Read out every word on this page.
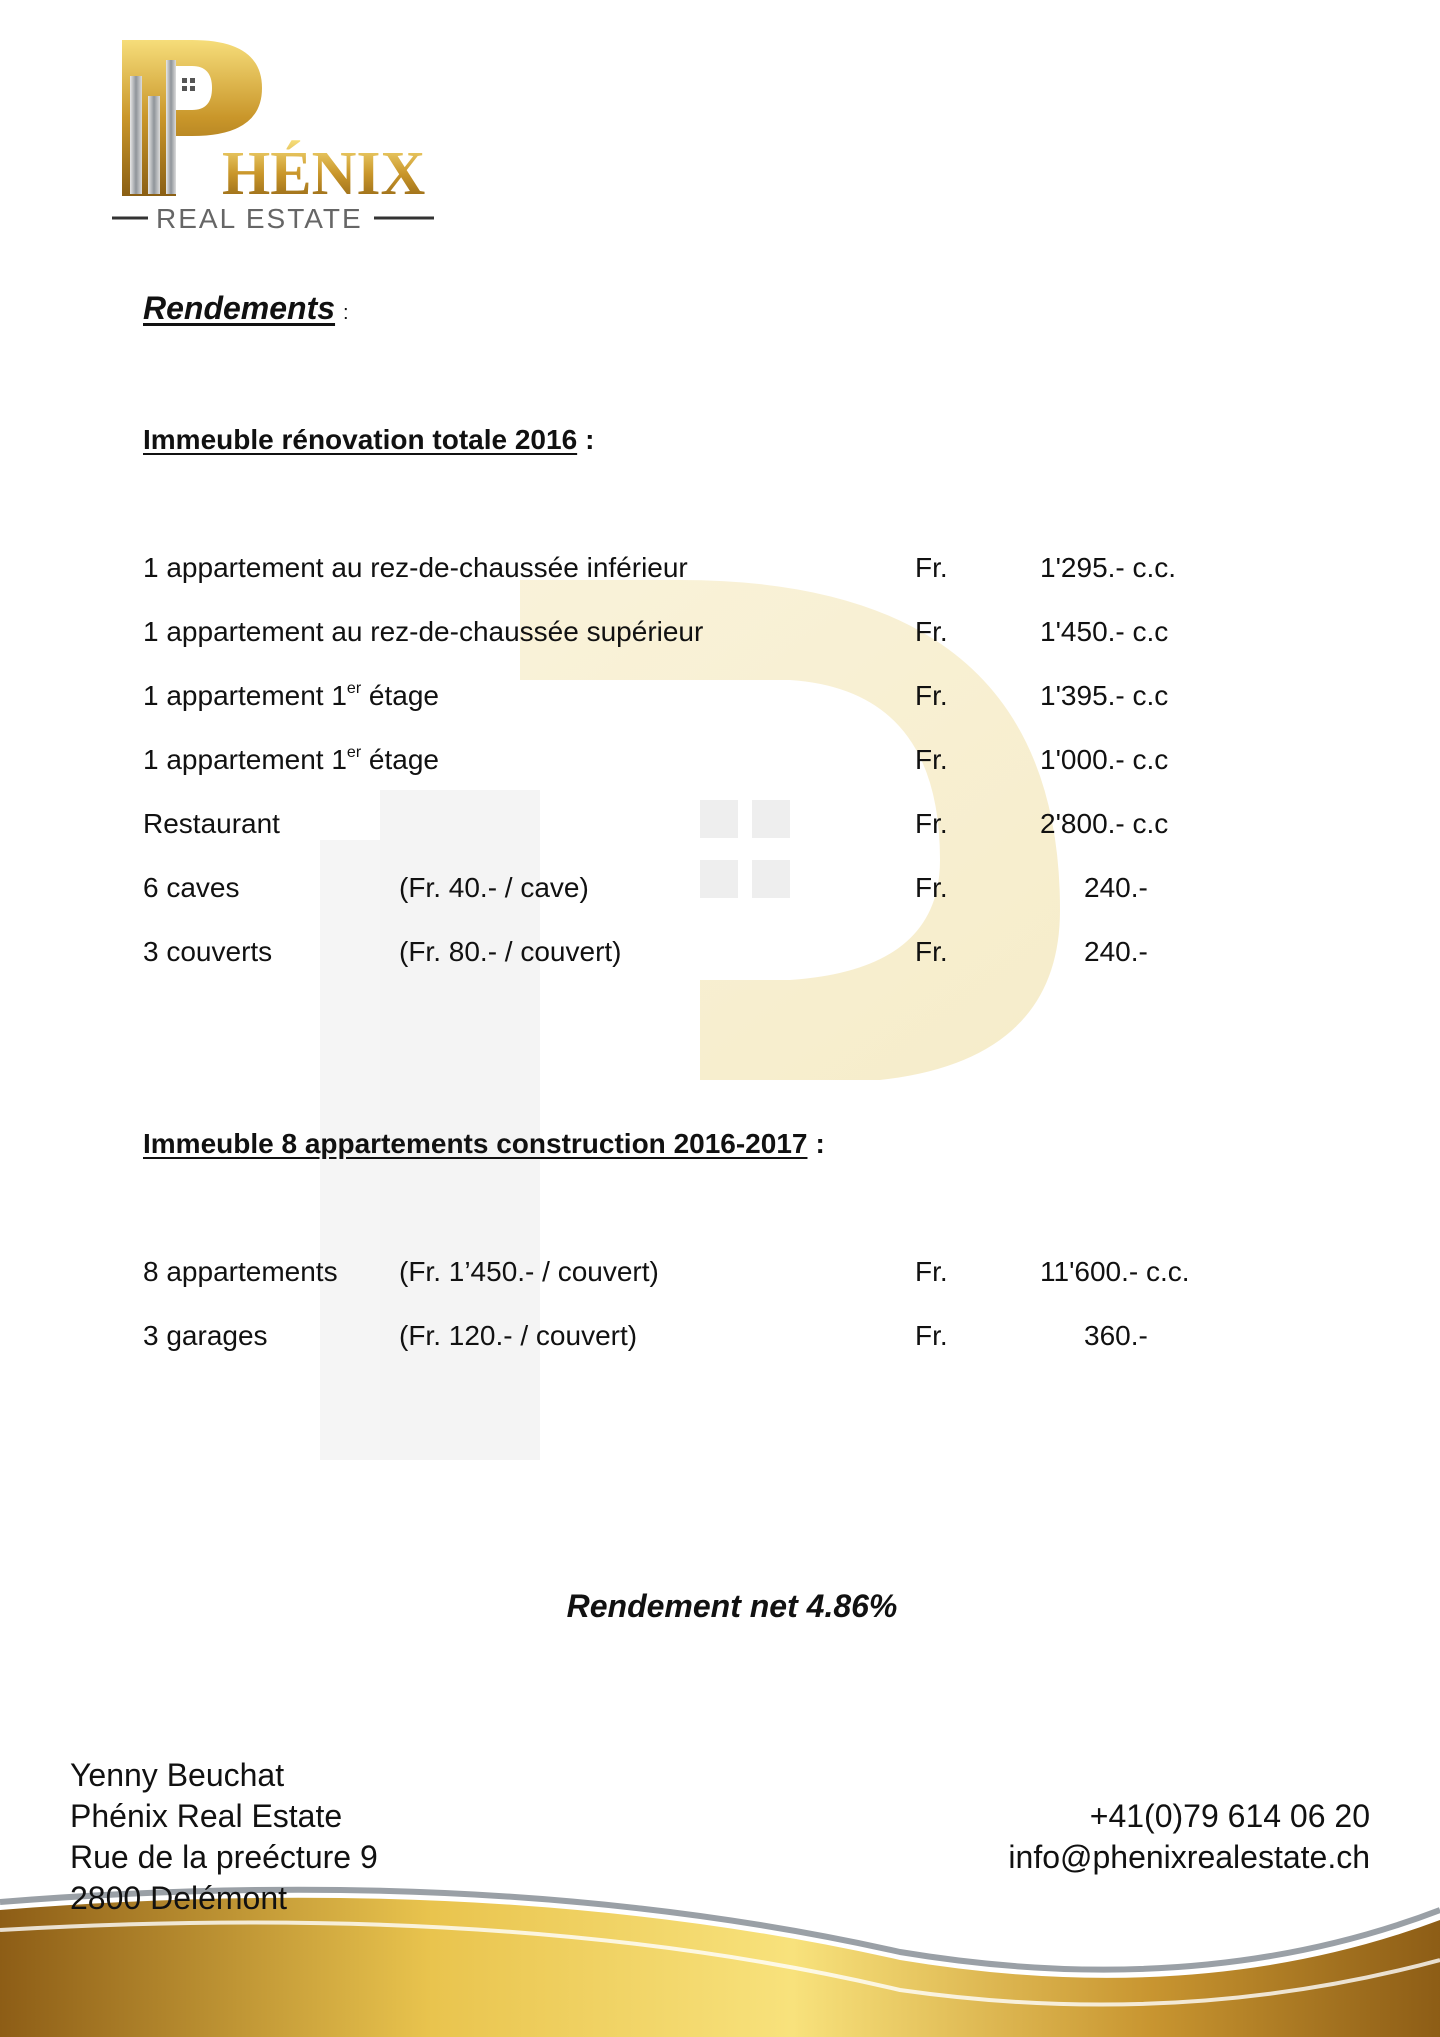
HÉNIX
REAL ESTATE
Rendements :
Immeuble rénovation totale 2016 :
1 appartement au rez-de-chaussée inférieur	Fr.	1'295.- c.c.
1 appartement au rez-de-chaussée supérieur	Fr.	1'450.- c.c
1 appartement 1er étage	Fr.	1'395.- c.c
1 appartement 1er étage	Fr.	1'000.- c.c
Restaurant	Fr.	2'800.- c.c
6 caves	(Fr. 40.- / cave)	Fr.	240.-
3 couverts	(Fr. 80.- / couvert)	Fr.	240.-
Immeuble 8 appartements construction 2016-2017 :
8 appartements (Fr. 1’450.- / couvert)	Fr.	11'600.- c.c.
3 garages	(Fr. 120.- / couvert)	Fr.	360.-
Rendement net 4.86%
Yenny Beuchat
Phénix Real Estate
Rue de la preécture 9
2800 Delémont
+41(0)79 614 06 20
info@phenixrealestate.ch
